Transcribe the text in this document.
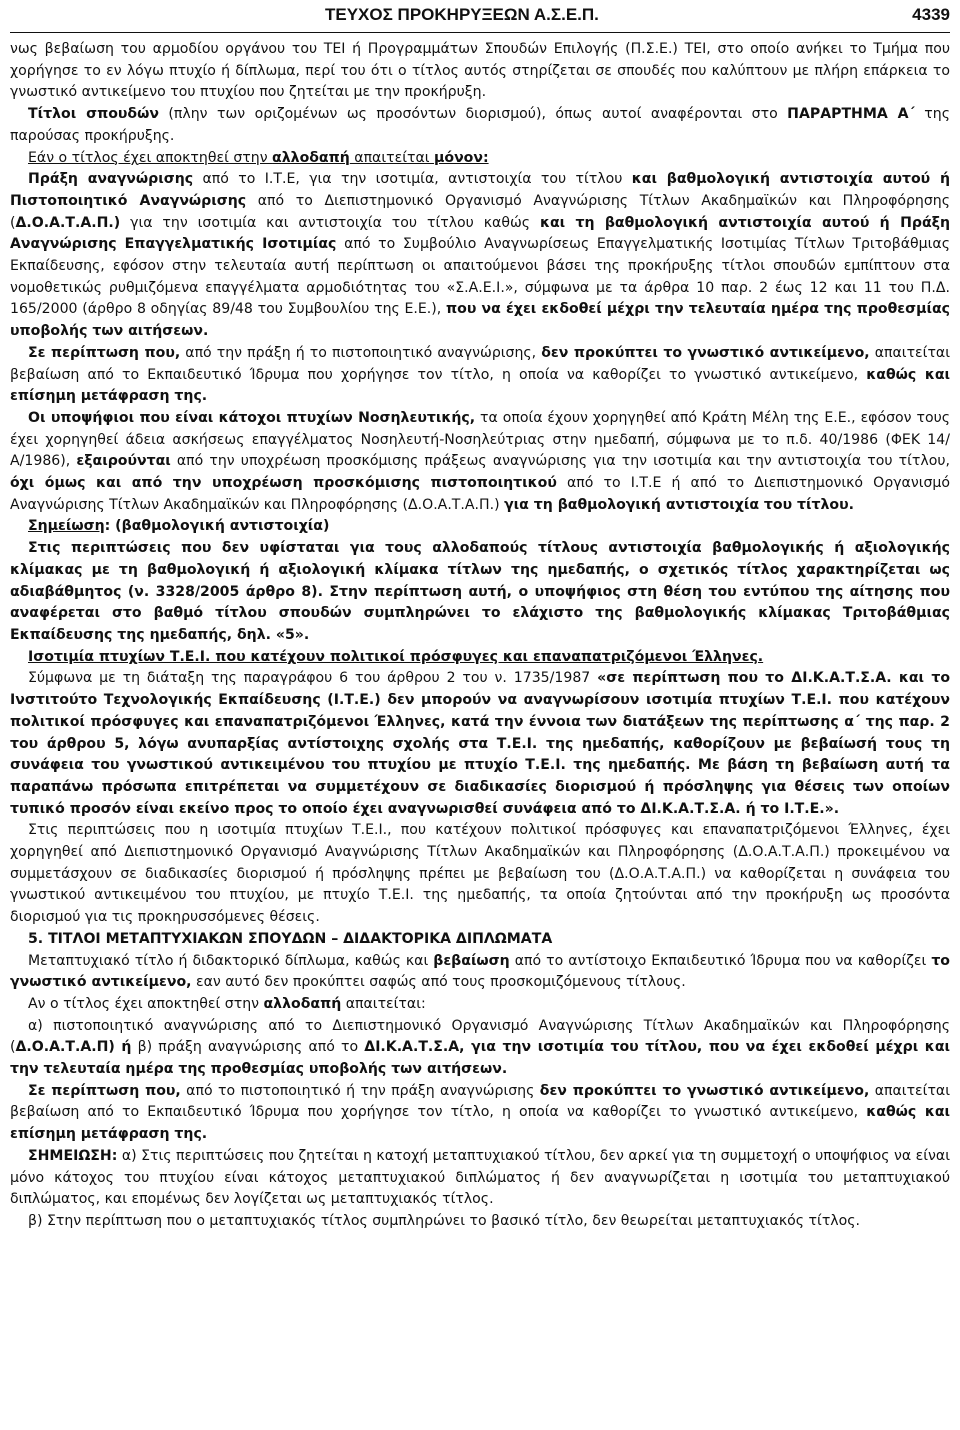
ΤΕΥΧΟΣ ΠΡΟΚΗΡΥΞΕΩΝ Α.Σ.Ε.Π.	4339

νως βεβαίωση του αρμοδίου οργάνου του ΤΕΙ ή Προγραμμάτων Σπουδών Επιλογής (Π.Σ.Ε.) ΤΕΙ, στο οποίο ανήκει το Τμήμα που χορήγησε το εν λόγω πτυχίο ή δίπλωμα, περί του ότι ο τίτλος αυτός στηρίζεται σε σπουδές που καλύπτουν με πλήρη επάρκεια το γνωστικό αντικείμενο του πτυχίου που ζητείται με την προκήρυξη.

Τίτλοι σπουδών (πλην των οριζομένων ως προσόντων διορισμού), όπως αυτοί αναφέρονται στο ΠΑΡΑΡΤΗΜΑ Α΄ της παρούσας προκήρυξης.

Εάν ο τίτλος έχει αποκτηθεί στην αλλοδαπή απαιτείται μόνον:

Πράξη αναγνώρισης από το Ι.Τ.Ε, για την ισοτιμία, αντιστοιχία του τίτλου και βαθμολογική αντιστοιχία αυτού ή Πιστοποιητικό Αναγνώρισης από το Διεπιστημονικό Οργανισμό Αναγνώρισης Τίτλων Ακαδημαϊκών και Πληροφόρησης (Δ.Ο.Α.Τ.Α.Π.) για την ισοτιμία και αντιστοιχία του τίτλου καθώς και τη βαθμολογική αντιστοιχία αυτού ή Πράξη Αναγνώρισης Επαγγελματικής Ισοτιμίας από το Συμβούλιο Αναγνωρίσεως Επαγγελματικής Ισοτιμίας Τίτλων Τριτοβάθμιας Εκπαίδευσης, εφόσον στην τελευταία αυτή περίπτωση οι απαιτούμενοι βάσει της προκήρυξης τίτλοι σπουδών εμπίπτουν στα νομοθετικώς ρυθμιζόμενα επαγγέλματα αρμοδιότητας του «Σ.Α.Ε.Ι.», σύμφωνα με τα άρθρα 10 παρ. 2 έως 12 και 11 του Π.Δ. 165/2000 (άρθρο 8 οδηγίας 89/48 του Συμβουλίου της Ε.Ε.), που να έχει εκδοθεί μέχρι την τελευταία ημέρα της προθεσμίας υποβολής των αιτήσεων.

Σε περίπτωση που, από την πράξη ή το πιστοποιητικό αναγνώρισης, δεν προκύπτει το γνωστικό αντικείμενο, απαιτείται βεβαίωση από το Εκπαιδευτικό Ίδρυμα που χορήγησε τον τίτλο, η οποία να καθορίζει το γνωστικό αντικείμενο, καθώς και επίσημη μετάφραση της.

Οι υποψήφιοι που είναι κάτοχοι πτυχίων Νοσηλευτικής, τα οποία έχουν χορηγηθεί από Κράτη Μέλη της Ε.Ε., εφόσον τους έχει χορηγηθεί άδεια ασκήσεως επαγγέλματος Νοσηλευτή-Νοσηλεύτριας στην ημεδαπή, σύμφωνα με το π.δ. 40/1986 (ΦΕΚ 14/Α/1986), εξαιρούνται από την υποχρέωση προσκόμισης πράξεως αναγνώρισης για την ισοτιμία και την αντιστοιχία του τίτλου, όχι όμως και από την υποχρέωση προσκόμισης πιστοποιητικού από το Ι.Τ.Ε ή από το Διεπιστημονικό Οργανισμό Αναγνώρισης Τίτλων Ακαδημαϊκών και Πληροφόρησης (Δ.Ο.Α.Τ.Α.Π.) για τη βαθμολογική αντιστοιχία του τίτλου.

Σημείωση: (βαθμολογική αντιστοιχία)

Στις περιπτώσεις που δεν υφίσταται για τους αλλοδαπούς τίτλους αντιστοιχία βαθμολογικής ή αξιολογικής κλίμακας με τη βαθμολογική ή αξιολογική κλίμακα τίτλων της ημεδαπής, ο σχετικός τίτλος χαρακτηρίζεται ως αδιαβάθμητος (ν. 3328/2005 άρθρο 8). Στην περίπτωση αυτή, ο υποψήφιος στη θέση του εντύπου της αίτησης που αναφέρεται στο βαθμό τίτλου σπουδών συμπληρώνει το ελάχιστο της βαθμολογικής κλίμακας Τριτοβάθμιας Εκπαίδευσης της ημεδαπής, δηλ. «5».

Ισοτιμία πτυχίων Τ.Ε.Ι. που κατέχουν πολιτικοί πρόσφυγες και επαναπατριζόμενοι Έλληνες.

Σύμφωνα με τη διάταξη της παραγράφου 6 του άρθρου 2 του ν. 1735/1987 «σε περίπτωση που το ΔΙ.Κ.Α.Τ.Σ.Α. και το Ινστιτούτο Τεχνολογικής Εκπαίδευσης (Ι.Τ.Ε.) δεν μπορούν να αναγνωρίσουν ισοτιμία πτυχίων Τ.Ε.Ι. που κατέχουν πολιτικοί πρόσφυγες και επαναπατριζόμενοι Έλληνες, κατά την έννοια των διατάξεων της περίπτωσης α΄ της παρ. 2 του άρθρου 5, λόγω ανυπαρξίας αντίστοιχης σχολής στα Τ.Ε.Ι. της ημεδαπής, καθορίζουν με βεβαίωσή τους τη συνάφεια του γνωστικού αντικειμένου του πτυχίου με πτυχίο Τ.Ε.Ι. της ημεδαπής. Με βάση τη βεβαίωση αυτή τα παραπάνω πρόσωπα επιτρέπεται να συμμετέχουν σε διαδικασίες διορισμού ή πρόσληψης για θέσεις των οποίων τυπικό προσόν είναι εκείνο προς το οποίο έχει αναγνωρισθεί συνάφεια από το ΔΙ.Κ.Α.Τ.Σ.Α. ή το Ι.Τ.Ε.».

Στις περιπτώσεις που η ισοτιμία πτυχίων Τ.Ε.Ι., που κατέχουν πολιτικοί πρόσφυγες και επαναπατριζόμενοι Έλληνες, έχει χορηγηθεί από Διεπιστημονικό Οργανισμό Αναγνώρισης Τίτλων Ακαδημαϊκών και Πληροφόρησης (Δ.Ο.Α.Τ.Α.Π.) προκειμένου να συμμετάσχουν σε διαδικασίες διορισμού ή πρόσληψης πρέπει με βεβαίωση του (Δ.Ο.Α.Τ.Α.Π.) να καθορίζεται η συνάφεια του γνωστικού αντικειμένου του πτυχίου, με πτυχίο Τ.Ε.Ι. της ημεδαπής, τα οποία ζητούνται από την προκήρυξη ως προσόντα διορισμού για τις προκηρυσσόμενες θέσεις.

5. ΤΙΤΛΟΙ ΜΕΤΑΠΤΥΧΙΑΚΩΝ ΣΠΟΥΔΩΝ – ΔΙΔΑΚΤΟΡΙΚΑ ΔΙΠΛΩΜΑΤΑ

Μεταπτυχιακό τίτλο ή διδακτορικό δίπλωμα, καθώς και βεβαίωση από το αντίστοιχο Εκπαιδευτικό Ίδρυμα που να καθορίζει το γνωστικό αντικείμενο, εαν αυτό δεν προκύπτει σαφώς από τους προσκομιζόμενους τίτλους.

Αν ο τίτλος έχει αποκτηθεί στην αλλοδαπή απαιτείται:

α) πιστοποιητικό αναγνώρισης από το Διεπιστημονικό Οργανισμό Αναγνώρισης Τίτλων Ακαδημαϊκών και Πληροφόρησης (Δ.Ο.Α.Τ.Α.Π) ή β) πράξη αναγνώρισης από το ΔΙ.Κ.Α.Τ.Σ.Α, για την ισοτιμία του τίτλου, που να έχει εκδοθεί μέχρι και την τελευταία ημέρα της προθεσμίας υποβολής των αιτήσεων.

Σε περίπτωση που, από το πιστοποιητικό ή την πράξη αναγνώρισης δεν προκύπτει το γνωστικό αντικείμενο, απαιτείται βεβαίωση από το Εκπαιδευτικό Ίδρυμα που χορήγησε τον τίτλο, η οποία να καθορίζει το γνωστικό αντικείμενο, καθώς και επίσημη μετάφραση της.

ΣΗΜΕΙΩΣΗ: α) Στις περιπτώσεις που ζητείται η κατοχή μεταπτυχιακού τίτλου, δεν αρκεί για τη συμμετοχή ο υποψήφιος να είναι μόνο κάτοχος του πτυχίου είναι κάτοχος μεταπτυχιακού διπλώματος ή δεν αναγνωρίζεται η ισοτιμία του μεταπτυχιακού διπλώματος, και επομένως δεν λογίζεται ως μεταπτυχιακός τίτλος.

β) Στην περίπτωση που ο μεταπτυχιακός τίτλος συμπληρώνει το βασικό τίτλο, δεν θεωρείται μεταπτυχιακός τίτλος.
